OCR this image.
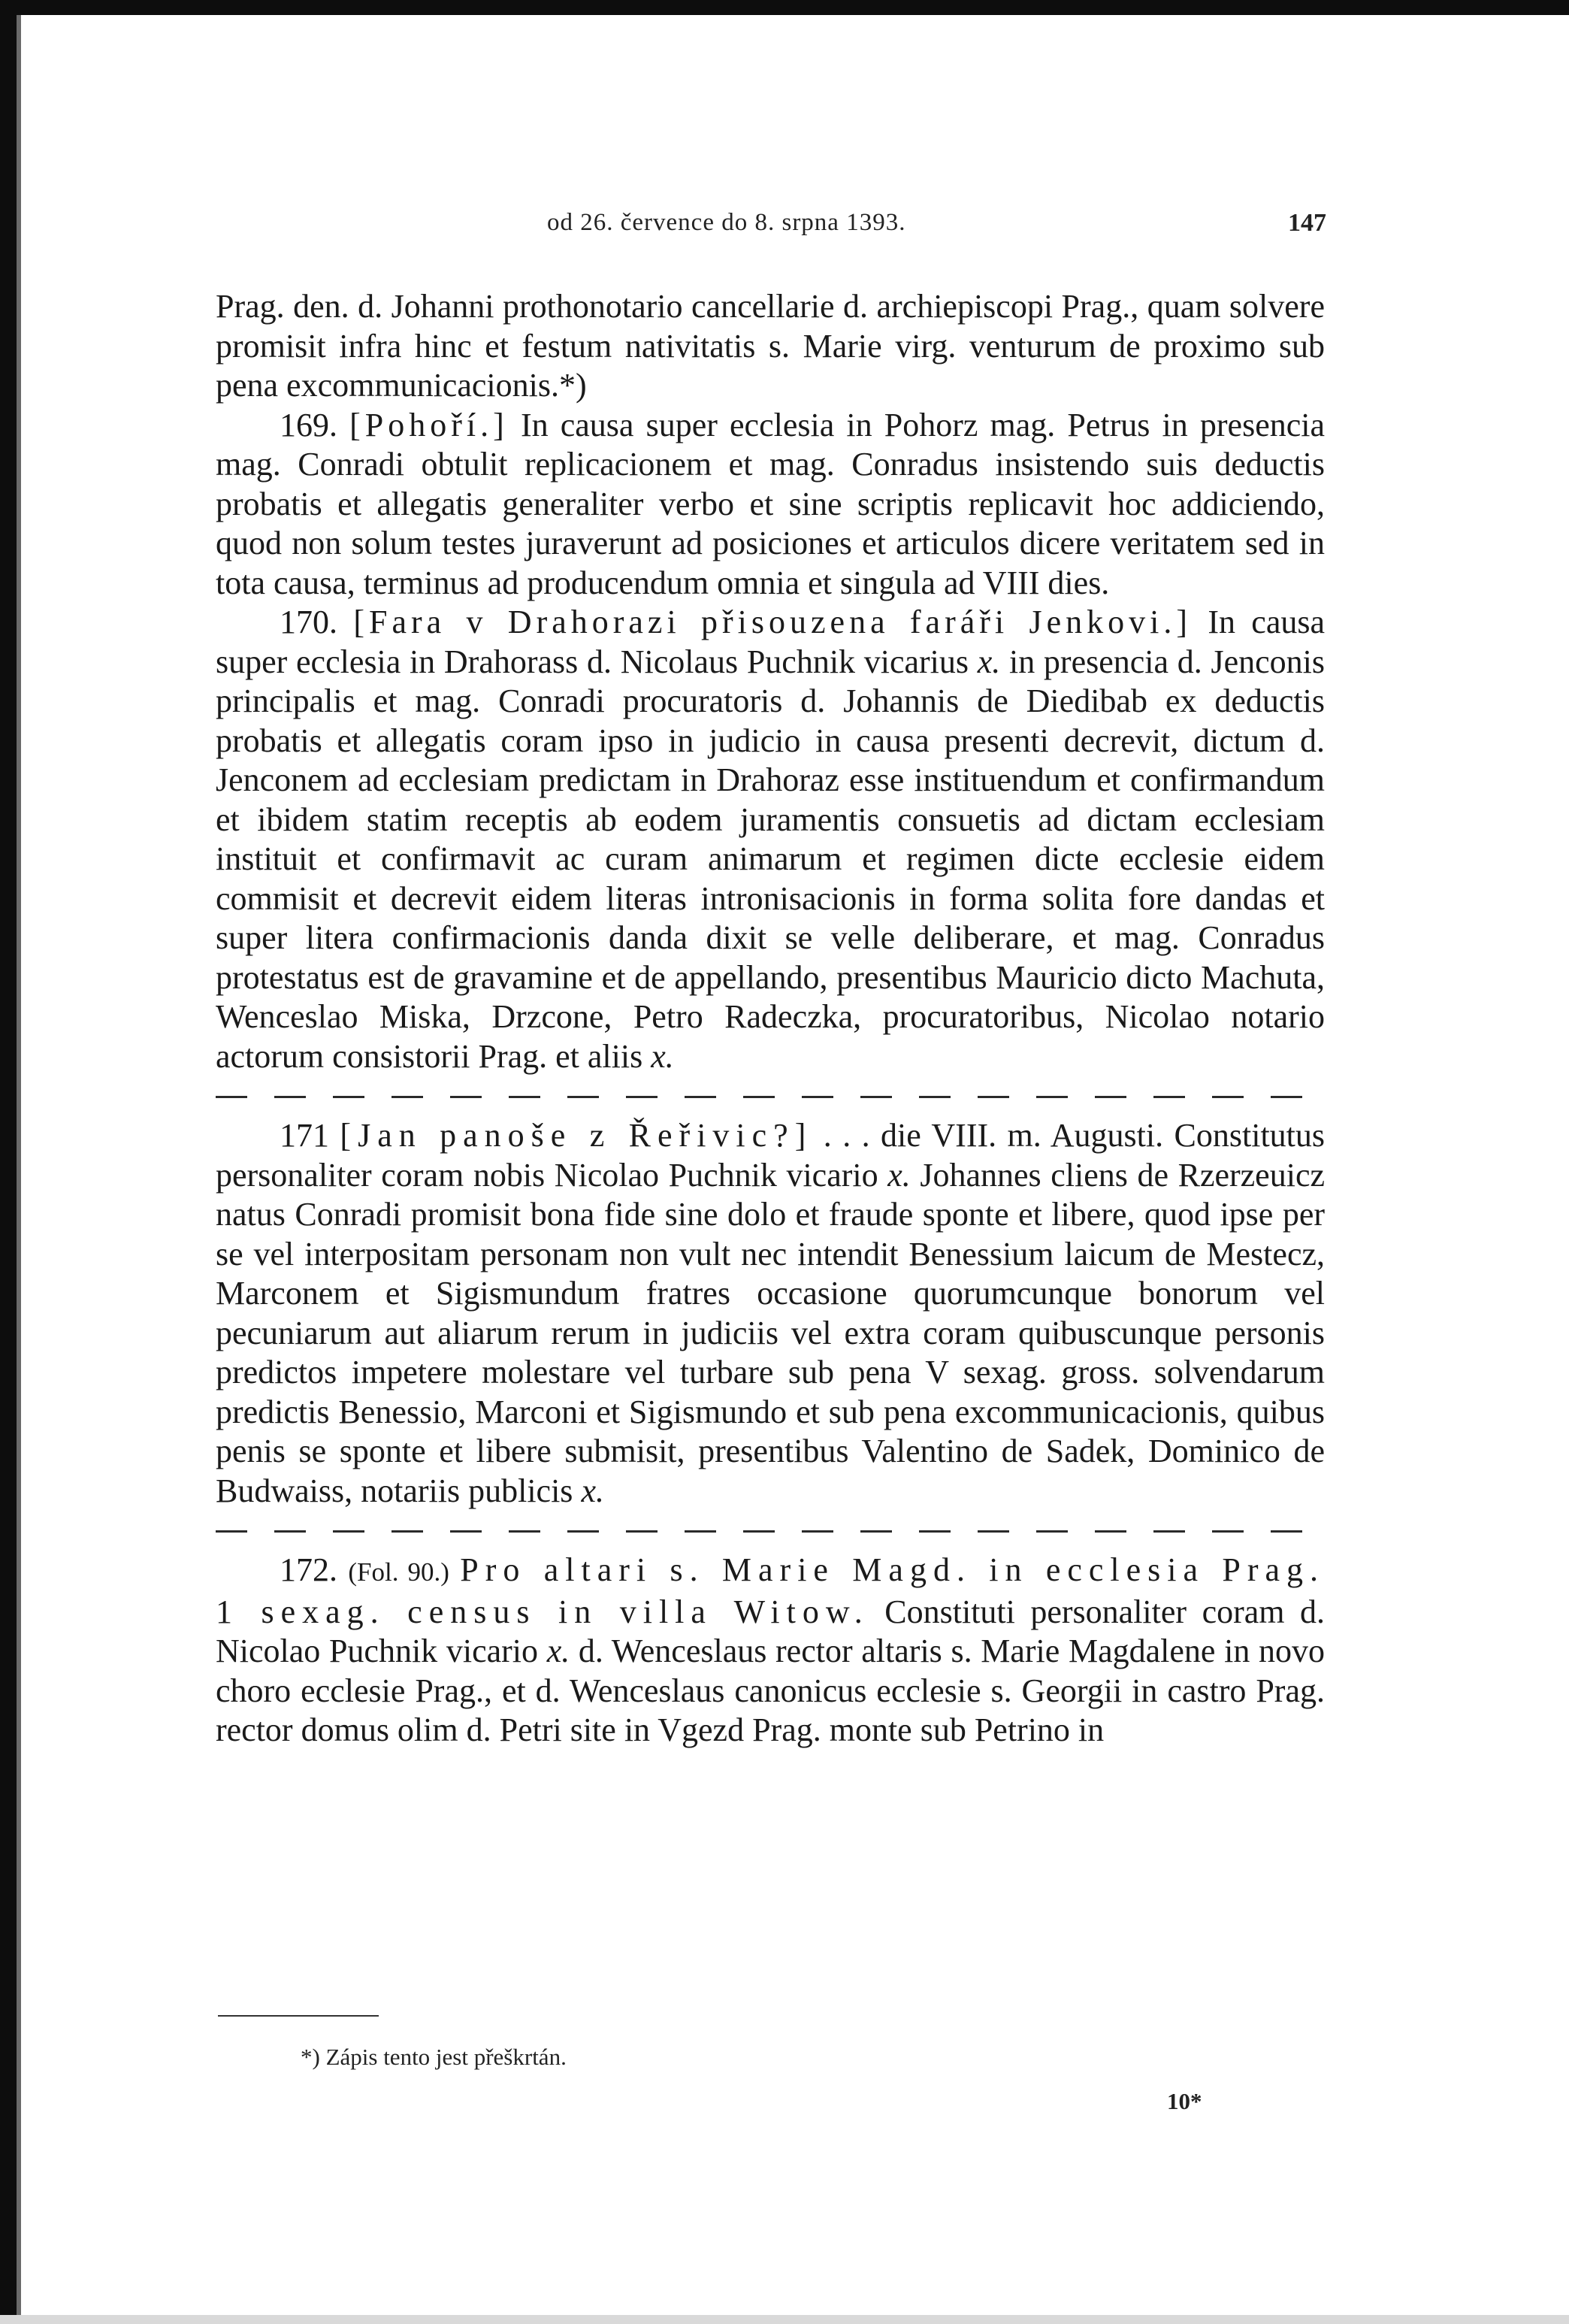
od 26. července do 8. srpna 1393.	147

Prag. den. d. Johanni prothonotario cancellarie d. archiepiscopi Prag., quam solvere promisit infra hinc et festum nativitatis s. Marie virg. venturum de proximo sub pena excommunicacionis.*)

169. [Pohoří.] In causa super ecclesia in Pohorz mag. Petrus in presencia mag. Conradi obtulit replicacionem et mag. Conradus insistendo suis deductis probatis et allegatis generaliter verbo et sine scriptis replicavit hoc addiciendo, quod non solum testes juraverunt ad posiciones et articulos dicere veritatem sed in tota causa, terminus ad producendum omnia et singula ad VIII dies.

170. [Fara v Drahorazi přisouzena faráři Jenkovi.] In causa super ecclesia in Drahorass d. Nicolaus Puchnik vicarius x. in presencia d. Jenconis principalis et mag. Conradi procuratoris d. Johannis de Diedibab ex deductis probatis et allegatis coram ipso in judicio in causa presenti decrevit, dictum d. Jenconem ad ecclesiam predictam in Drahoraz esse instituendum et confirmandum et ibidem statim receptis ab eodem juramentis consuetis ad dictam ecclesiam instituit et confirmavit ac curam animarum et regimen dicte ecclesie eidem commisit et decrevit eidem literas intronisacionis in forma solita fore dandas et super litera confirmacionis danda dixit se velle deliberare, et mag. Conradus protestatus est de gravamine et de appellando, presentibus Mauricio dicto Machuta, Wenceslao Miska, Drzcone, Petro Radeczka, procuratoribus, Nicolao notario actorum consistorii Prag. et aliis x.

171 [Jan panoše z Řeřivic?] . . . die VIII. m. Augusti. Constitutus personaliter coram nobis Nicolao Puchnik vicario x. Johannes cliens de Rzerzeuicz natus Conradi promisit bona fide sine dolo et fraude sponte et libere, quod ipse per se vel interpositam personam non vult nec intendit Benessium laicum de Mestecz, Marconem et Sigismundum fratres occasione quorumcunque bonorum vel pecuniarum aut aliarum rerum in judiciis vel extra coram quibuscunque personis predictos impetere molestare vel turbare sub pena V sexag. gross. solvendarum predictis Benessio, Marconi et Sigismundo et sub pena excommunicacionis, quibus penis se sponte et libere submisit, presentibus Valentino de Sadek, Dominico de Budwaiss, notariis publicis x.

172. (Fol. 90.) Pro altari s. Marie Magd. in ecclesia Prag. 1 sexag. census in villa Witow. Constituti personaliter coram d. Nicolao Puchnik vicario x. d. Wenceslaus rector altaris s. Marie Magdalene in novo choro ecclesie Prag., et d. Wenceslaus canonicus ecclesie s. Georgii in castro Prag. rector domus olim d. Petri site in Vgezd Prag. monte sub Petrino in

*) Zápis tento jest přeškrtán.
10*
